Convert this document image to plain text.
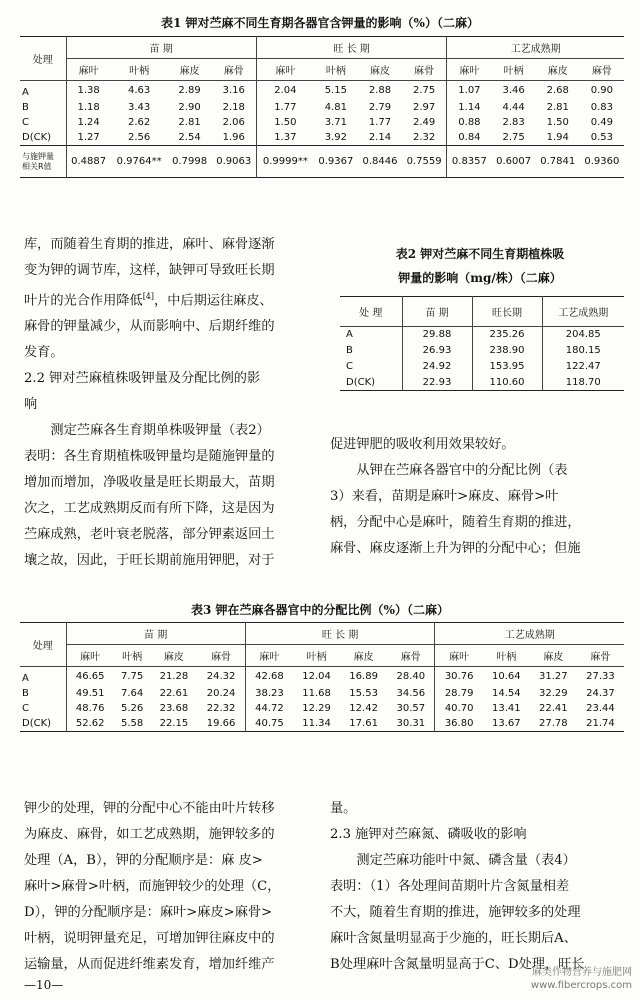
表1 钾对苎麻不同生育期各器官含钾量的影响（%）（二麻）
处理	苗 期				旺 长 期				工艺成熟期			
	麻叶	叶柄	麻皮	麻骨	麻叶	叶柄	麻皮	麻骨	麻叶	叶柄	麻皮	麻骨
A	1.38	4.63	2.89	3.16	2.04	5.15	2.88	2.75	1.07	3.46	2.68	0.90
B	1.18	3.43	2.90	2.18	1.77	4.81	2.79	2.97	1.14	4.44	2.81	0.83
C	1.24	2.62	2.81	2.06	1.50	3.71	1.77	2.49	0.88	2.83	1.50	0.49
D(CK)	1.27	2.56	2.54	1.96	1.37	3.92	2.14	2.32	0.84	2.75	1.94	0.53

与施钾量
相关R值	0.4887	0.9764**	0.7998	0.9063	0.9999**	0.9367	0.8446	0.7559	0.8357	0.6007	0.7841	0.9360

库，而随着生育期的推进，麻叶、麻骨逐渐

变为钾的调节库，这样，缺钾可导致旺长期

叶片的光合作用降低[4]，中后期运往麻皮、

麻骨的钾量减少，从而影响中、后期纤维的

发育。

2.2 钾对苎麻植株吸钾量及分配比例的影

响

测定苎麻各生育期单株吸钾量（表2）

表明：各生育期植株吸钾量均是随施钾量的

增加而增加，净吸收量是旺长期最大，苗期

次之，工艺成熟期反而有所下降，这是因为

苎麻成熟，老叶衰老脱落，部分钾素返回土

壤之故，因此，于旺长期前施用钾肥，对于

表2 钾对苎麻不同生育期植株吸
钾量的影响（mg/株）（二麻）
处 理	苗 期	旺长期	工艺成熟期
A	29.88	235.26	204.85
B	26.93	238.90	180.15
C	24.92	153.95	122.47
D(CK)	22.93	110.60	118.70

促进钾肥的吸收利用效果较好。

从钾在苎麻各器官中的分配比例（表

3）来看，苗期是麻叶>麻皮、麻骨>叶

柄，分配中心是麻叶，随着生育期的推进，

麻骨、麻皮逐渐上升为钾的分配中心；但施

表3 钾在苎麻各器官中的分配比例（%）（二麻）
处理	苗 期				旺 长 期				工艺成熟期			
	麻叶	叶柄	麻皮	麻骨	麻叶	叶柄	麻皮	麻骨	麻叶	叶柄	麻皮	麻骨
A	46.65	7.75	21.28	24.32	42.68	12.04	16.89	28.40	30.76	10.64	31.27	27.33
B	49.51	7.64	22.61	20.24	38.23	11.68	15.53	34.56	28.79	14.54	32.29	24.37
C	48.76	5.26	23.68	22.32	44.72	12.29	12.42	30.57	40.70	13.41	22.41	23.44
D(CK)	52.62	5.58	22.15	19.66	40.75	11.34	17.61	30.31	36.80	13.67	27.78	21.74

钾少的处理，钾的分配中心不能由叶片转移

为麻皮、麻骨，如工艺成熟期，施钾较多的

处理（A，B），钾的分配顺序是：麻 皮>

麻叶>麻骨>叶柄，而施钾较少的处理（C，

D），钾的分配顺序是：麻叶>麻皮>麻骨>

叶柄，说明钾量充足，可增加钾往麻皮中的

运输量，从而促进纤维素发育，增加纤维产

量。

2.3 施钾对苎麻氮、磷吸收的影响

测定苎麻功能叶中氮、磷含量（表4）

表明：（1）各处理间苗期叶片含氮量相差

不大，随着生育期的推进，施钾较多的处理

麻叶含氮量明显高于少施的，旺长期后A、

B处理麻叶含氮量明显高于C、D处理，旺长

—10—
麻类作物营养与施肥网
www.fibercrops.com
